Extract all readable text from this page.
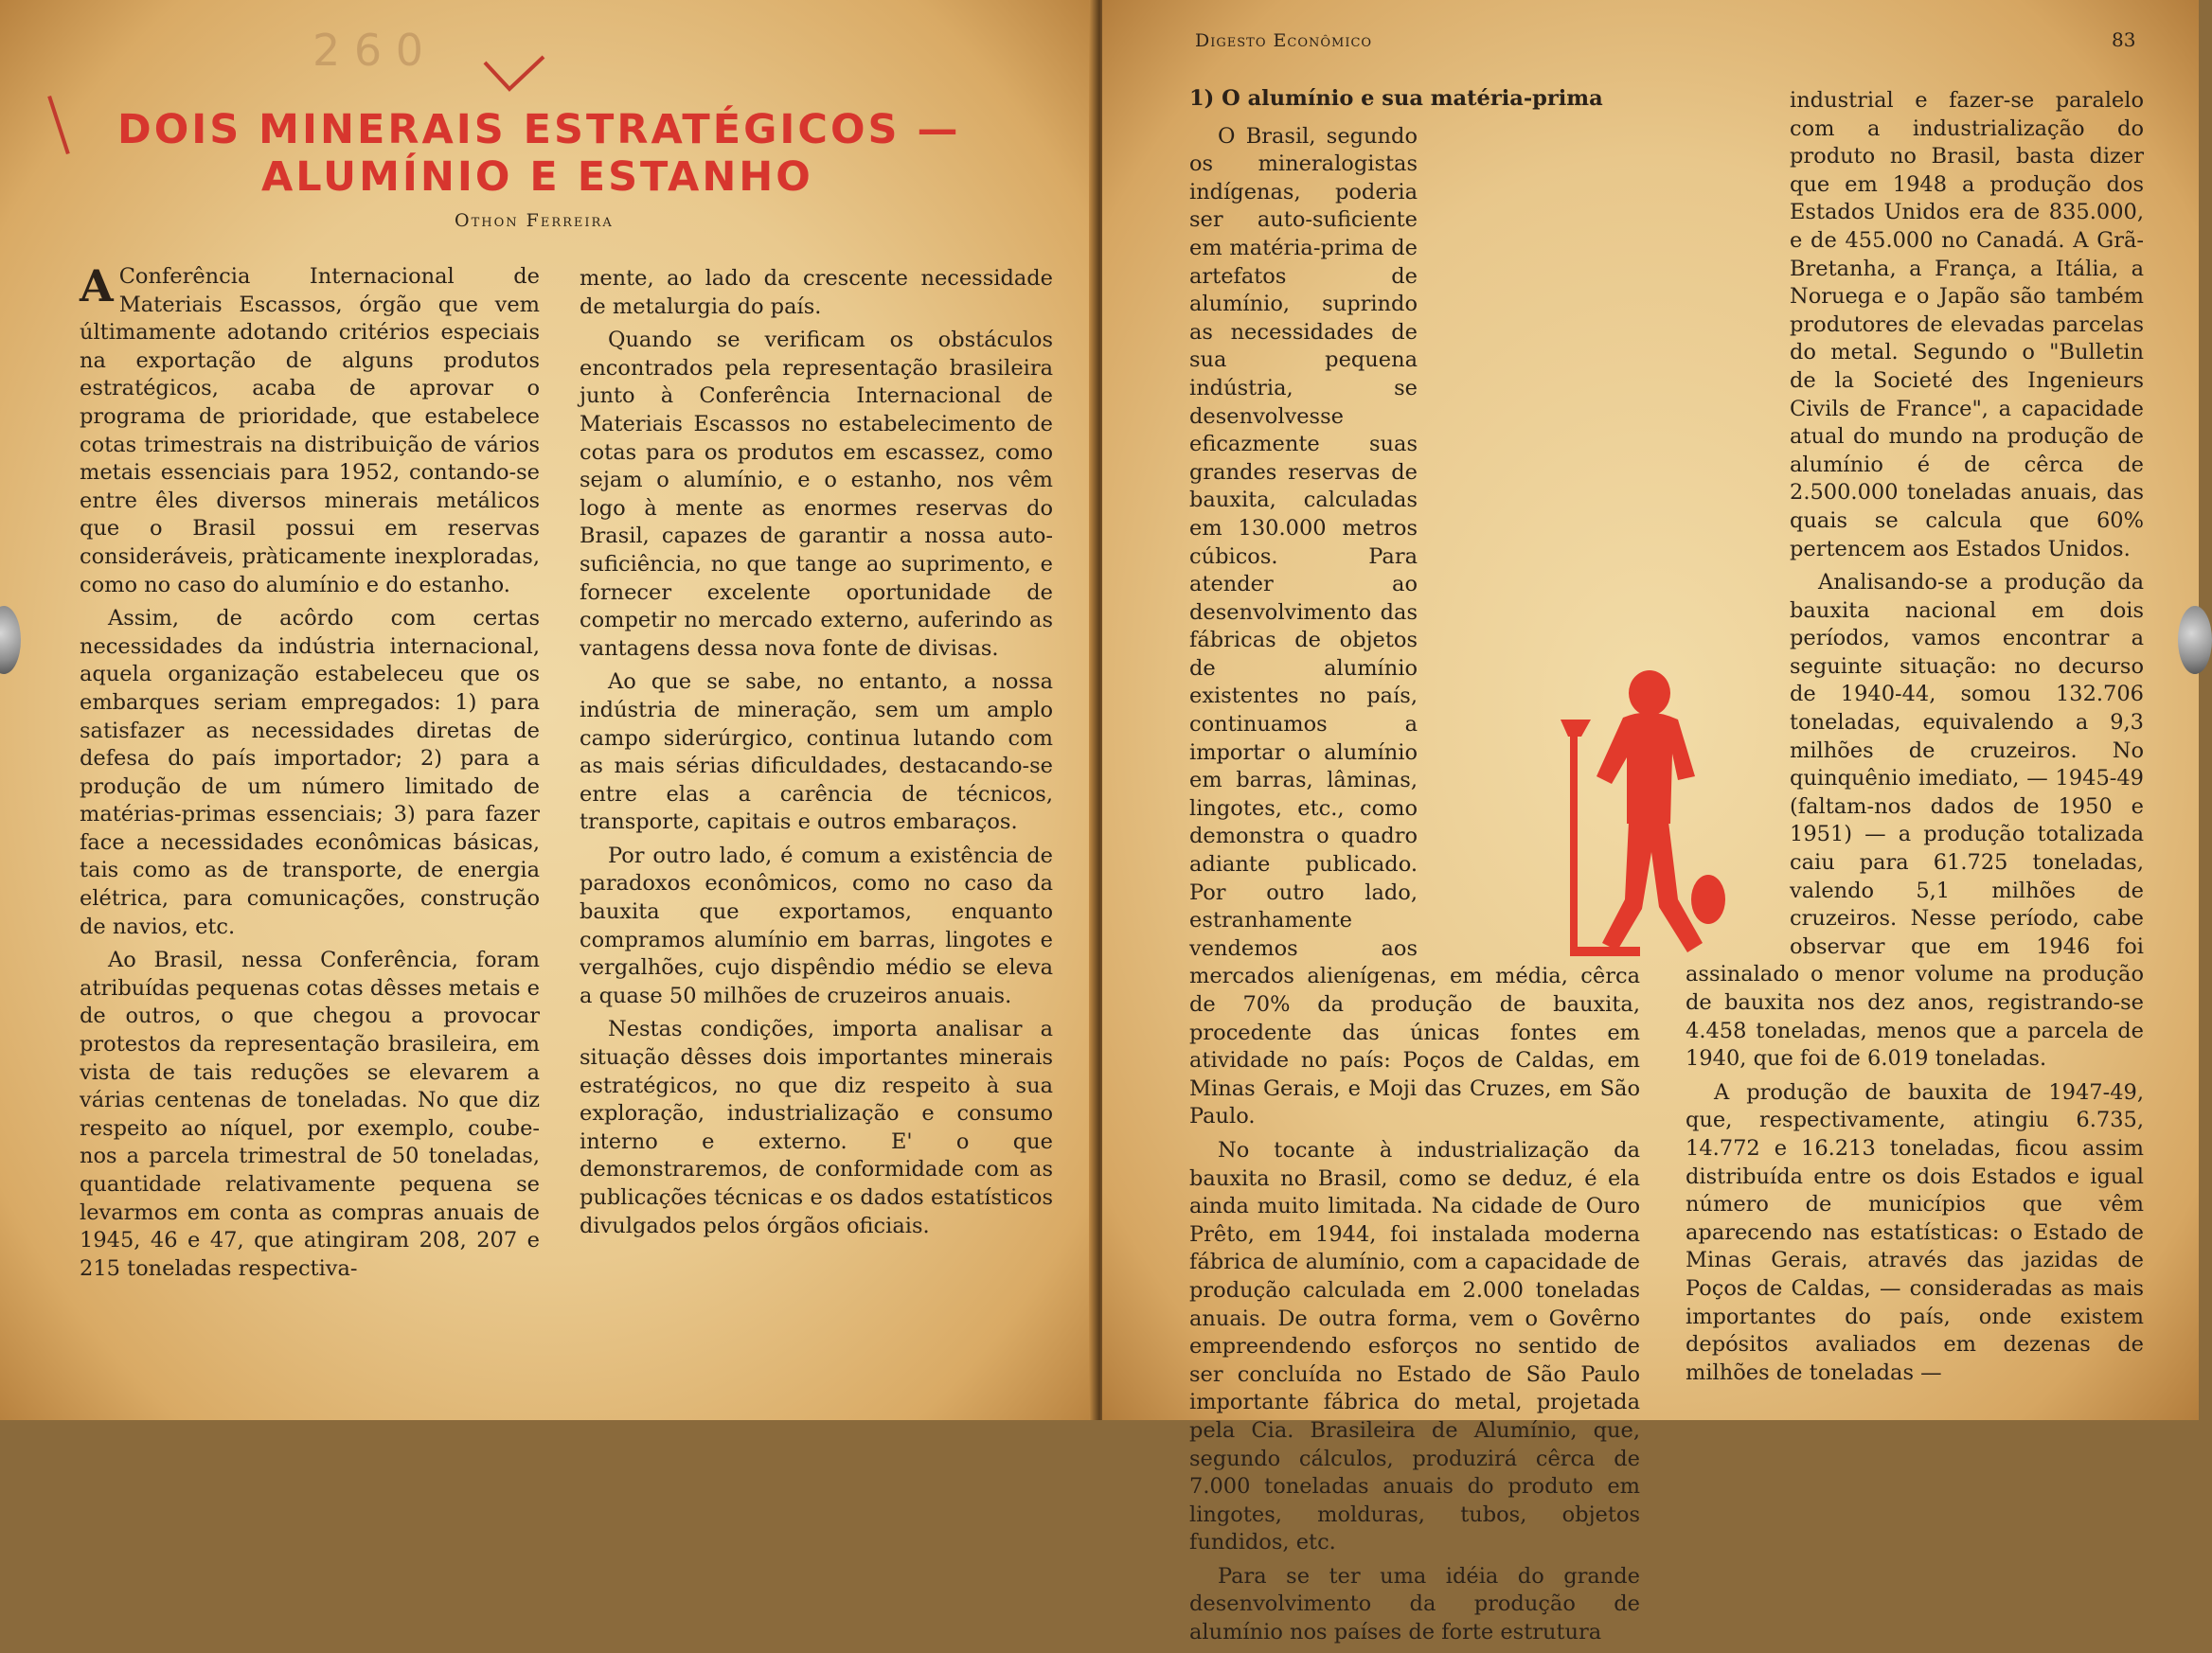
2 6 0
DOIS MINERAIS ESTRATÉGICOS —
ALUMÍNIO E ESTANHO
Othon Ferreira

A Conferência Internacional de Materiais Escassos, órgão que vem últimamente adotando critérios especiais na exportação de alguns produtos estratégicos, acaba de aprovar o programa de prioridade, que estabelece cotas trimestrais na distribuição de vários metais essenciais para 1952, contando-se entre êles diversos minerais metálicos que o Brasil possui em reservas consideráveis, pràticamente inexploradas, como no caso do alumínio e do estanho.

Assim, de acôrdo com certas necessidades da indústria internacional, aquela organização estabeleceu que os embarques seriam empregados: 1) para satisfazer as necessidades diretas de defesa do país importador; 2) para a produção de um número limitado de matérias-primas essenciais; 3) para fazer face a necessidades econômicas básicas, tais como as de transporte, de energia elétrica, para comunicações, construção de navios, etc.

Ao Brasil, nessa Conferência, foram atribuídas pequenas cotas dêsses metais e de outros, o que chegou a provocar protestos da representação brasileira, em vista de tais reduções se elevarem a várias centenas de toneladas. No que diz respeito ao níquel, por exemplo, coube-nos a parcela trimestral de 50 toneladas, quantidade relativamente pequena se levarmos em conta as compras anuais de 1945, 46 e 47, que atingiram 208, 207 e 215 toneladas respectiva-

mente, ao lado da crescente necessidade de metalurgia do país.

Quando se verificam os obstáculos encontrados pela representação brasileira junto à Conferência Internacional de Materiais Escassos no estabelecimento de cotas para os produtos em escassez, como sejam o alumínio, e o estanho, nos vêm logo à mente as enormes reservas do Brasil, capazes de garantir a nossa auto-suficiência, no que tange ao suprimento, e fornecer excelente oportunidade de competir no mercado externo, auferindo as vantagens dessa nova fonte de divisas.

Ao que se sabe, no entanto, a nossa indústria de mineração, sem um amplo campo siderúrgico, continua lutando com as mais sérias dificuldades, destacando-se entre elas a carência de técnicos, transporte, capitais e outros embaraços.

Por outro lado, é comum a existência de paradoxos econômicos, como no caso da bauxita que exportamos, enquanto compramos alumínio em barras, lingotes e vergalhões, cujo dispêndio médio se eleva a quase 50 milhões de cruzeiros anuais.

Nestas condições, importa analisar a situação dêsses dois importantes minerais estratégicos, no que diz respeito à sua exploração, industrialização e consumo interno e externo. E' o que demonstraremos, de conformidade com as publicações técnicas e os dados estatísticos divulgados pelos órgãos oficiais.

Digesto Econômico	83

1) O alumínio e sua matéria-prima

O Brasil, segundo os mineralogistas indígenas, poderia ser auto-suficiente em matéria-prima de artefatos de alumínio, suprindo as necessidades de sua pequena indústria, se desenvolvesse eficazmente suas grandes reservas de bauxita, calculadas em 130.000 metros cúbicos. Para atender ao desenvolvimento das fábricas de objetos de alumínio existentes no país, continuamos a importar o alumínio em barras, lâminas, lingotes, etc., como demonstra o quadro adiante publicado. Por outro lado, estranhamente vendemos aos mercados alienígenas, em média, cêrca de 70% da produção de bauxita, procedente das únicas fontes em atividade no país: Poços de Caldas, em Minas Gerais, e Moji das Cruzes, em São Paulo.

No tocante à industrialização da bauxita no Brasil, como se deduz, é ela ainda muito limitada. Na cidade de Ouro Prêto, em 1944, foi instalada moderna fábrica de alumínio, com a capacidade de produção calculada em 2.000 toneladas anuais. De outra forma, vem o Govêrno empreendendo esforços no sentido de ser concluída no Estado de São Paulo importante fábrica do metal, projetada pela Cia. Brasileira de Alumínio, que, segundo cálculos, produzirá cêrca de 7.000 toneladas anuais do produto em lingotes, molduras, tubos, objetos fundidos, etc.

Para se ter uma idéia do grande desenvolvimento da produção de alumínio nos países de forte estrutura

industrial e fazer-se paralelo com a industrialização do produto no Brasil, basta dizer que em 1948 a produção dos Estados Unidos era de 835.000, e de 455.000 no Canadá. A Grã-Bretanha, a França, a Itália, a Noruega e o Japão são também produtores de elevadas parcelas do metal. Segundo o "Bulletin de la Societé des Ingenieurs Civils de France", a capacidade atual do mundo na produção de alumínio é de cêrca de 2.500.000 toneladas anuais, das quais se calcula que 60% pertencem aos Estados Unidos.

Analisando-se a produção da bauxita nacional em dois períodos, vamos encontrar a seguinte situação: no decurso de 1940-44, somou 132.706 toneladas, equivalendo a 9,3 milhões de cruzeiros. No quinquênio imediato, — 1945-49 (faltam-nos dados de 1950 e 1951) — a produção totalizada caiu para 61.725 toneladas, valendo 5,1 milhões de cruzeiros. Nesse período, cabe observar que em 1946 foi assinalado o menor volume na produção de bauxita nos dez anos, registrando-se 4.458 toneladas, menos que a parcela de 1940, que foi de 6.019 toneladas.

A produção de bauxita de 1947-49, que, respectivamente, atingiu 6.735, 14.772 e 16.213 toneladas, ficou assim distribuída entre os dois Estados e igual número de municípios que vêm aparecendo nas estatísticas: o Estado de Minas Gerais, através das jazidas de Poços de Caldas, — consideradas as mais importantes do país, onde existem depósitos avaliados em dezenas de milhões de toneladas —
